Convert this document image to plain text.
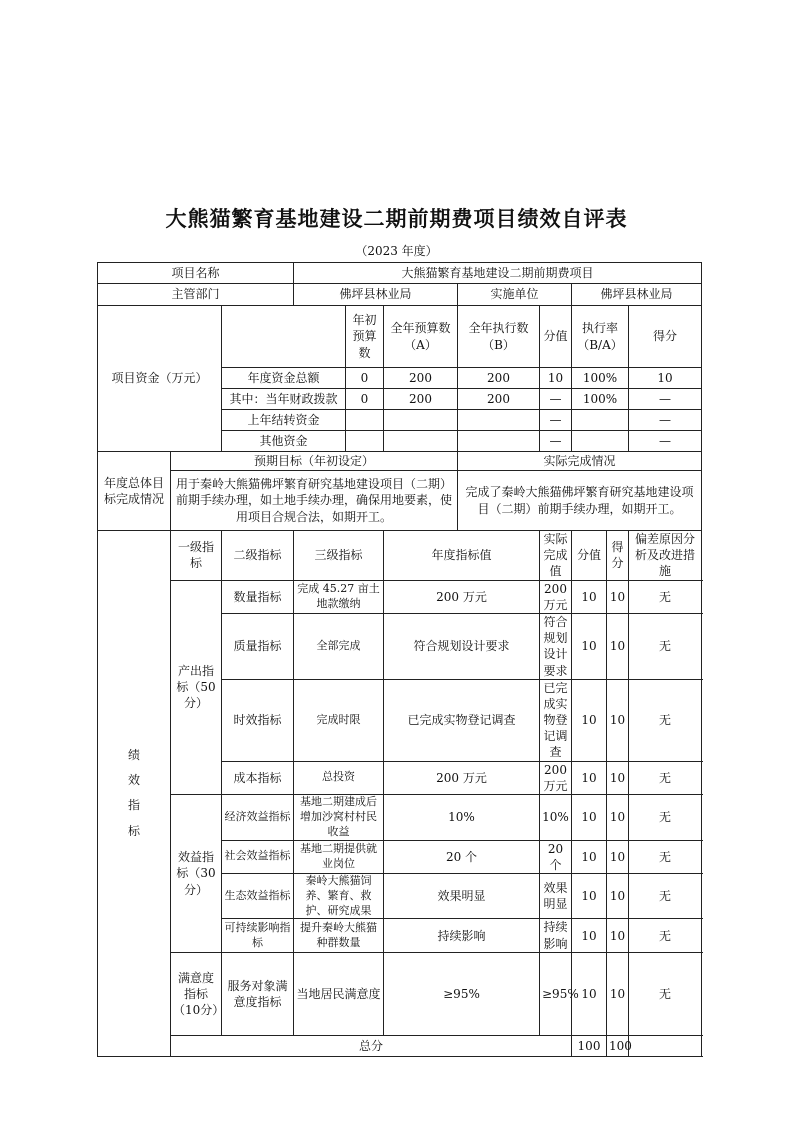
大熊猫繁育基地建设二期前期费项目绩效自评表
（2023 年度）
项目名称			大熊猫繁育基地建设二期前期费项目							
主管部门			佛坪县林业局			实施单位		佛坪县林业局		
项目资金（万元）				年初预算数	全年预算数（A）	全年执行数（B）	分值	执行率（B/A）		得分
		年度资金总额		0	200	200	10	100%		10
		其中：当年财政拨款		0	200	200	—	100%		—
		上年结转资金					—			—
		其他资金					—			—
年度总体目标完成情况	预期目标（年初设定）					实际完成情况				
	用于秦岭大熊猫佛坪繁育研究基地建设项目（二期）前期手续办理，如土地手续办理，确保用地要素，使用项目合规合法，如期开工。					完成了秦岭大熊猫佛坪繁育研究基地建设项目（二期）前期手续办理，如期开工。				

绩效指标	一级指标	二级指标	三级指标		年度指标值		实际完成值	分值	得分	偏差原因分析及改进措施
	产出指标（50分）	数量指标	完成 45.27 亩土地款缴纳		200 万元		200 万元	10	10	无
		质量指标	全部完成		符合规划设计要求		符合规划设计要求	10	10	无
		时效指标	完成时限		已完成实物登记调查		已完成实物登记调查	10	10	无
		成本指标	总投资		200 万元		200 万元	10	10	无
	效益指标（30分）	经济效益指标	基地二期建成后增加沙窝村村民收益		10%		10%	10	10	无
		社会效益指标	基地二期提供就业岗位		20 个		20 个	10	10	无
		生态效益指标	秦岭大熊猫饲养、繁育、救护、研究成果		效果明显		效果明显	10	10	无
		可持续影响指标	提升秦岭大熊猫种群数量		持续影响		持续影响	10	10	无
	满意度指标（10分）	服务对象满意度指标	当地居民满意度		≥95%		≥95%	10	10	无
	总分							100	100	
